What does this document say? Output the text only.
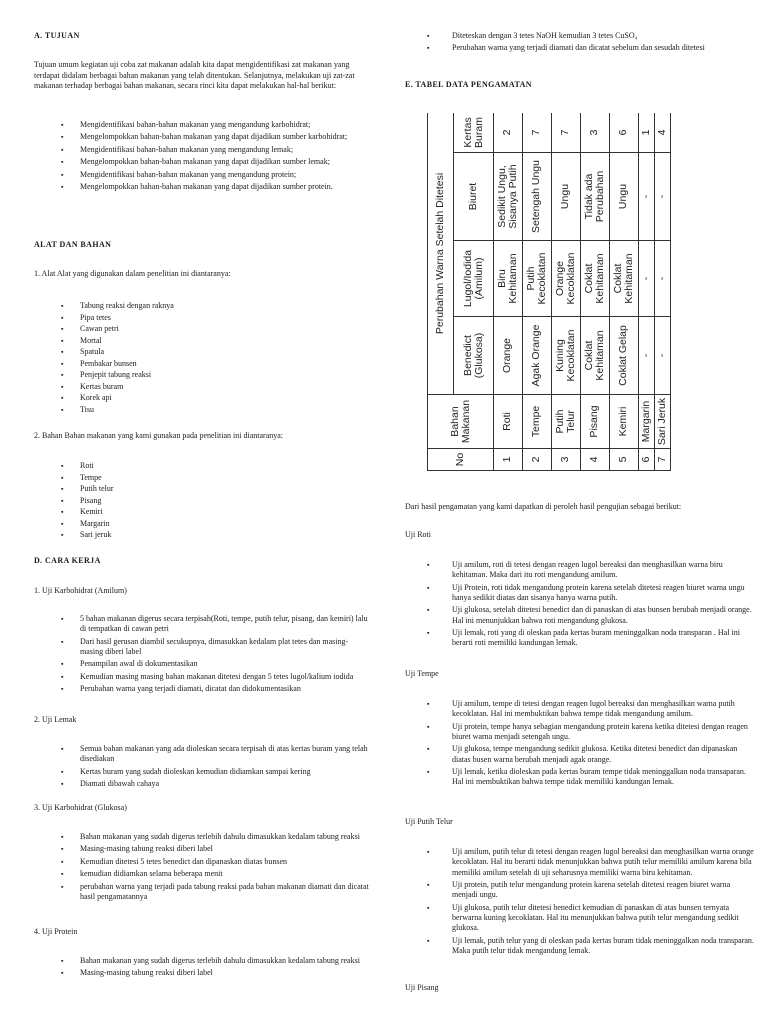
A. TUJUAN
Tujuan umum kegiatan uji coba zat makanan adalah kita dapat mengidentifikasi zat makanan yang terdapat didalam berbagai bahan makanan yang telah ditentukan. Selanjutnya, melakukan uji zat-zat makanan terhadap berbagai bahan makanan, secara rinci kita dapat melakukan hal-hal berikut:
▪ Mengidentifikasi bahan-bahan makanan yang mengandung karbohidrat;
▪ Mengelompokkan bahan-bahan makanan yang dapat dijadikan sumber karbohidrat;
▪ Mengidentifikasi bahan-bahan makanan yang mengandung lemak;
▪ Mengelompokkan bahan-bahan makanan yang dapat dijadikan sumber lemak;
▪ Mengidentifikasi bahan-bahan makanan yang mengandung protein;
▪ Mengelompokkan bahan-bahan makanan yang dapat dijadikan sumber protein.
ALAT DAN BAHAN
1. Alat Alat yang digunakan dalam penelitian ini diantaranya:
▪ Tabung reaksi dengan raknya
▪ Pipa tetes
▪ Cawan petri
▪ Mortal
▪ Spatula
▪ Pembakar bunsen
▪ Penjepit tabung reaksi
▪ Kertas buram
▪ Korek api
▪ Tisu
2. Bahan Bahan makanan yang kami gunakan pada penelitian ini diantaranya:
▪ Roti
▪ Tempe
▪ Putih telur
▪ Pisang
▪ Kemiri
▪ Margarin
▪ Sari jeruk
D. CARA KERJA
1. Uji Karbohidrat (Amilum)
▪ 5 bahan makanan digerus secara terpisah(Roti, tempe, putih telur, pisang, dan kemiri) lalu di tempatkan di cawan petri
▪ Dari hasil gerusan diambil secukupnya, dimasukkan kedalam plat tetes dan masing-masing diberi label
▪ Penampilan awal di dokumentasikan
▪ Kemudian masing masing bahan makanan ditetesi dengan 5 tetes lugol/kalium iodida
▪ Perubahan warna yang terjadi diamati, dicatat dan didokumentasikan
2. Uji Lemak
▪ Semua bahan makanan yang ada dioleskan secara terpisah di atas kertas buram yang telah disediakan
▪ Kertas buram yang sudah dioleskan kemudian didiamkan sampai kering
▪ Diamati dibawah cahaya
3. Uji Karbohidrat (Glukosa)
▪ Bahan makanan yang sudah digerus terlebih dahulu dimasukkan kedalam tabung reaksi
▪ Masing-masing tabung reaksi diberi label
▪ Kemudian ditetesi 5 tetes benedict dan dipanaskan diatas bunsen
▪ kemudian didiamkan selama beberapa menit
▪ perubahan warna yang terjadi pada tabung reaksi pada bahan makanan diamati dan dicatat hasil pengamatannya
4. Uji Protein
▪ Bahan makanan yang sudah digerus terlebih dahulu dimasukkan kedalam tabung reaksi
▪ Masing-masing tabung reaksi diberi label
▪	Diteteskan dengan 3 tetes NaOH kemudian 3 tetes CuSO₄
▪	Perubahan warna yang terjadi diamati dan dicatat sebelum dan sesudah ditetesi
E. TABEL DATA PENGAMATAN
Dari hasil pengamatan yang kami dapatkan di peroleh hasil pengujian sebagai berikut:
Uji Roti
▪	Uji amilum, roti di tetesi dengan reagen lugol bereaksi dan menghasilkan warna biru kehitaman. Maka dari itu roti mengandung amilum.
▪	Uji Protein, roti tidak mengandung protein karena setelah ditetesi reagen biuret warna ungu hanya sedikit diatas dan sisanya hanya warna putih.
▪	Uji glukosa, setelah ditetesi benedict dan di panaskan di atas bunsen berubah menjadi orange. Hal ini menunjukkan bahwa roti mengandung glukosa.
▪	Uji lemak, roti yang di oleskan pada kertas buram meninggalkan noda transparan . Hal ini berarti roti memiliki kandungan lemak.
Uji Tempe
▪	Uji amilum, tempe di tetesi dengan reagen lugol bereaksi dan menghasilkan warna putih kecoklatan. Hal ini membuktikan bahwa tempe tidak mengandung amilum.
▪	Uji protein, tempe hanya sebagian mengandung protein karena ketika ditetesi dengan reagen biuret warna menjadi setengah ungu.
▪	Uji glukosa, tempe mengandung sedikit glukosa. Ketika ditetesi benedict dan dipanaskan diatas busen warna berubah menjadi agak orange.
▪	Uji lemak, ketika dioleskan pada kertas buram tempe tidak meninggalkan noda transaparan. Hal ini membuktikan bahwa tempe tidak memiliki kandungan lemak.
Uji Putih Telur
▪	Uji amilum, putih telur di tetesi dengan reagen lugol bereaksi dan menghasilkan warna orange kecoklatan. Hal itu berarti tidak menunjukkan bahwa putih telur memiliki amilum karena bila memiliki amilum setelah di uji seharusnya memiliki warna biru kehitaman.
▪	Uji protein, putih telur mengandung protein karena setelah ditetesi reagen biuret warna menjadi ungu.
▪	Uji glukosa, putih telur ditetesi benedict kemudian di panaskan di atas bunsen ternyata berwarna kuning kecoklatan. Hal itu menunjukkan bahwa putih telur mengandung sedikit glukosa.
▪	Uji lemak, putih telur yang di oleskan pada kertas buram tidak meninggalkan noda transparan. Maka putih telur tidak mengandung lemak.
Uji Pisang
No	Bahan Makanan	Perubahan Warna Setelah Ditetesi			
		Benedict (Glukosa)	Lugol/Iodida (Amilum)	Biuret	Kertas Buram
1	Roti	Orange	Biru Kehitaman	Sedikit Ungu, Sisanya Putih	2
2	Tempe	Agak Orange	Putih Kecoklatan	Setengah Ungu	7
3	Putih Telur	Kuning Kecoklatan	Orange Kecoklatan	Ungu	7
4	Pisang	Coklat Kehitaman	Coklat Kehitaman	Tidak ada Perubahan	3
5	Kemiri	Coklat Gelap	Coklat Kehitaman	Ungu	6
6	Margarin	-	-	-	1
7	Sari Jeruk	-	-	-	4
